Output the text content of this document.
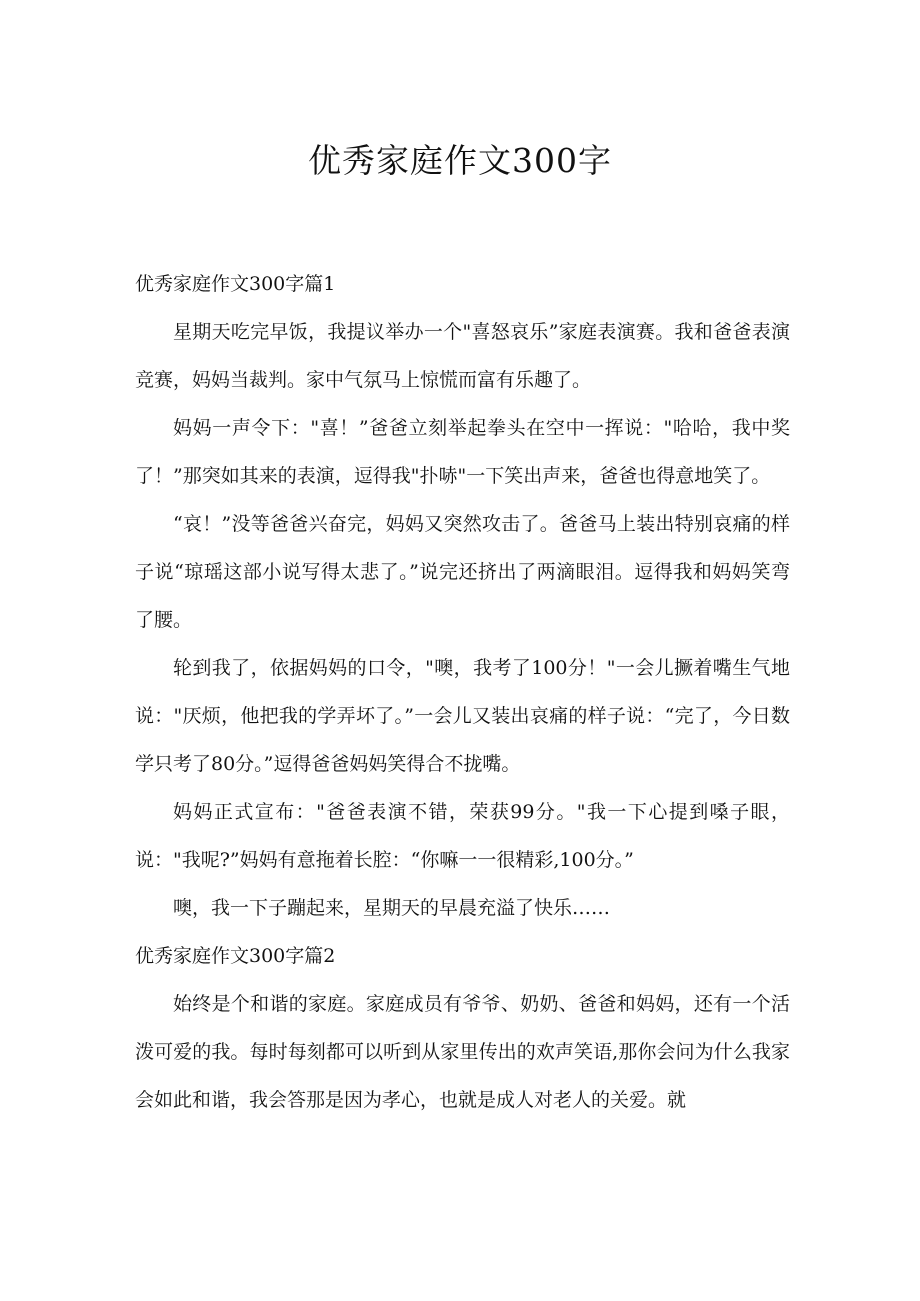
优秀家庭作文300字

优秀家庭作文300字篇1

星期天吃完早饭，我提议举办一个"喜怒哀乐”家庭表演赛。我和爸爸表演竞赛，妈妈当裁判。家中气氛马上惊慌而富有乐趣了。

妈妈一声令下："喜！”爸爸立刻举起拳头在空中一挥说："哈哈，我中奖了！”那突如其来的表演，逗得我"扑哧"一下笑出声来，爸爸也得意地笑了。

“哀！”没等爸爸兴奋完，妈妈又突然攻击了。爸爸马上装出特别哀痛的样子说“琼瑶这部小说写得太悲了。”说完还挤出了两滴眼泪。逗得我和妈妈笑弯了腰。

轮到我了，依据妈妈的口令，"噢，我考了100分！"一会儿撅着嘴生气地说："厌烦，他把我的学弄坏了。”一会儿又装出哀痛的样子说：“完了，今日数学只考了80分。”逗得爸爸妈妈笑得合不拢嘴。

妈妈正式宣布："爸爸表演不错，荣获99分。"我一下心提到嗓子眼，说："我呢?”妈妈有意拖着长腔：“你嘛一一很精彩,100分。”

噢，我一下子蹦起来，星期天的早晨充溢了快乐……

优秀家庭作文300字篇2

始终是个和谐的家庭。家庭成员有爷爷、奶奶、爸爸和妈妈，还有一个活泼可爱的我。每时每刻都可以听到从家里传出的欢声笑语,那你会问为什么我家会如此和谐，我会答那是因为孝心，也就是成人对老人的关爱。就
